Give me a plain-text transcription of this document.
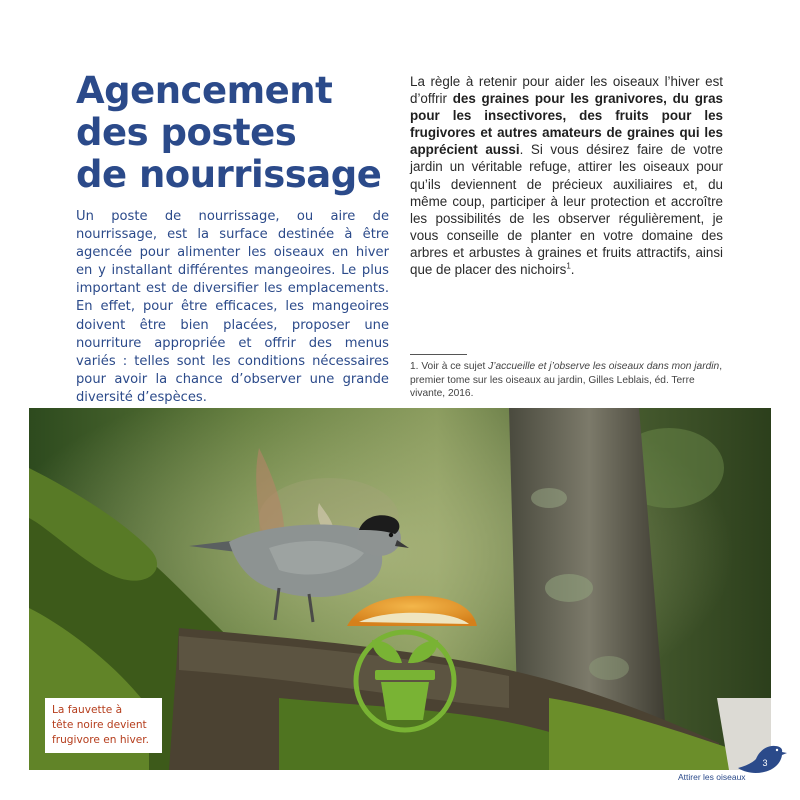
Agencement
des postes
de nourrissage

Un poste de nourrissage, ou aire de nourrissage, est la surface destinée à être agencée pour alimenter les oiseaux en hiver en y installant différentes mangeoires. Le plus important est de diversifier les emplacements. En effet, pour être efficaces, les mangeoires doivent être bien placées, proposer une nourriture appropriée et offrir des menus variés : telles sont les conditions nécessaires pour avoir la chance d’observer une grande diversité d’espèces.

La règle à retenir pour aider les oiseaux l’hiver est d’offrir des graines pour les granivores, du gras pour les insectivores, des fruits pour les frugivores et autres amateurs de graines qui les apprécient aussi. Si vous désirez faire de votre jardin un véritable refuge, attirer les oiseaux pour qu’ils deviennent de précieux auxiliaires et, du même coup, participer à leur protection et accroître les possibilités de les observer régulièrement, je vous conseille de planter en votre domaine des arbres et arbustes à graines et fruits attractifs, ainsi que de placer des nichoirs$^1$.

1. Voir à ce sujet J’accueille et j’observe les oiseaux dans mon jardin, premier tome sur les oiseaux au jardin, Gilles Leblais, éd. Terre vivante, 2016.

La fauvette à
tête noire devient
frugivore en hiver.
Attirer les oiseaux
3
